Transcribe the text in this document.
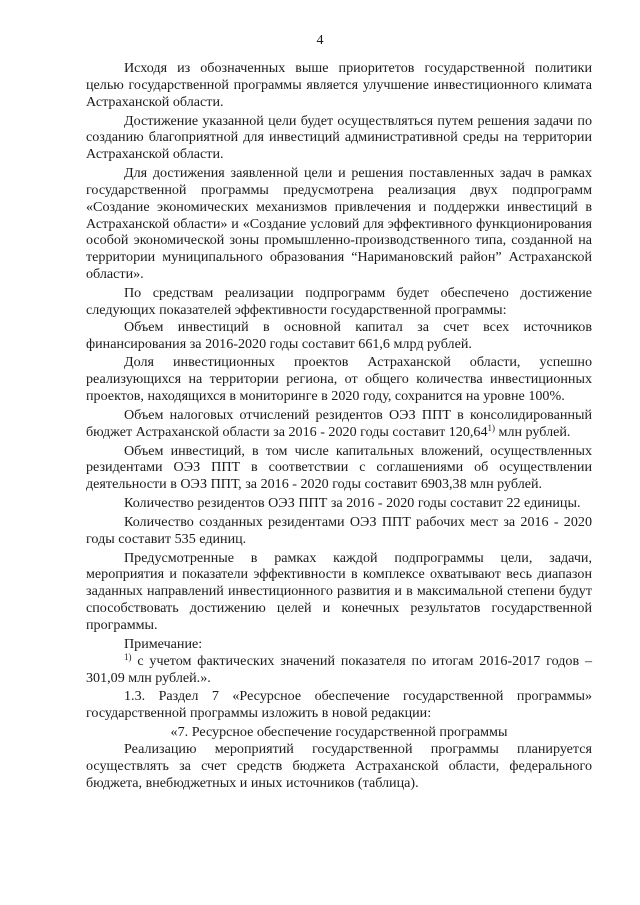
4

Исходя из обозначенных выше приоритетов государственной политики целью государственной программы является улучшение инвестиционного климата Астраханской области.

Достижение указанной цели будет осуществляться путем решения задачи по созданию благоприятной для инвестиций административной среды на территории Астраханской области.

Для достижения заявленной цели и решения поставленных задач в рамках государственной программы предусмотрена реализация двух подпрограмм «Создание экономических механизмов привлечения и поддержки инвестиций в Астраханской области» и «Создание условий для эффективного функционирования особой экономической зоны промышленно-производственного типа, созданной на территории муниципального образования “Наримановский район” Астраханской области».

По средствам реализации подпрограмм будет обеспечено достижение следующих показателей эффективности государственной программы:

Объем инвестиций в основной капитал за счет всех источников финансирования за 2016-2020 годы составит 661,6 млрд рублей.

Доля инвестиционных проектов Астраханской области, успешно реализующихся на территории региона, от общего количества инвестиционных проектов, находящихся в мониторинге в 2020 году, сохранится на уровне 100%.

Объем налоговых отчислений резидентов ОЭЗ ППТ в консолидированный бюджет Астраханской области за 2016 - 2020 годы составит 120,64$^{1)}$ млн рублей.

Объем инвестиций, в том числе капитальных вложений, осуществленных резидентами ОЭЗ ППТ в соответствии с соглашениями об осуществлении деятельности в ОЭЗ ППТ, за 2016 - 2020 годы составит 6903,38 млн рублей.

Количество резидентов ОЭЗ ППТ за 2016 - 2020 годы составит 22 единицы.

Количество созданных резидентами ОЭЗ ППТ рабочих мест за 2016 - 2020 годы составит 535 единиц.

Предусмотренные в рамках каждой подпрограммы цели, задачи, мероприятия и показатели эффективности в комплексе охватывают весь диапазон заданных направлений инвестиционного развития и в максимальной степени будут способствовать достижению целей и конечных результатов государственной программы.

Примечание:

$^{1)}$ с учетом фактических значений показателя по итогам 2016-2017 годов – 301,09 млн рублей.».

1.3. Раздел 7 «Ресурсное обеспечение государственной программы» государственной программы изложить в новой редакции:

«7. Ресурсное обеспечение государственной программы

Реализацию мероприятий государственной программы планируется осуществлять за счет средств бюджета Астраханской области, федерального бюджета, внебюджетных и иных источников (таблица).
